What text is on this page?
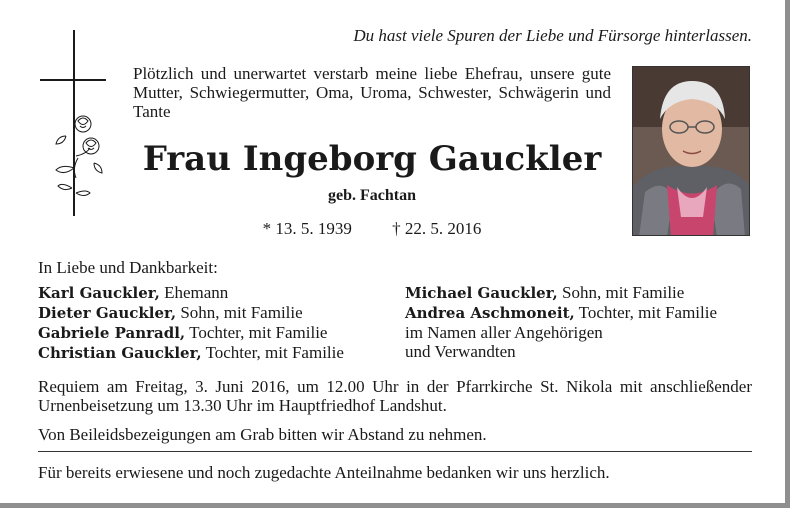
Du hast viele Spuren der Liebe und Fürsorge hinterlassen.
Plötzlich und unerwartet verstarb meine liebe Ehefrau, unsere gute Mutter, Schwiegermutter, Oma, Uroma, Schwester, Schwägerin und Tante
Frau Ingeborg Gauckler
geb. Fachtan
* 13. 5. 1939 † 22. 5. 2016
In Liebe und Dankbarkeit:
Karl Gauckler, Ehemann
Dieter Gauckler, Sohn, mit Familie
Gabriele Panradl, Tochter, mit Familie
Christian Gauckler, Tochter, mit Familie
Michael Gauckler, Sohn, mit Familie
Andrea Aschmoneit, Tochter, mit Familie
im Namen aller Angehörigen
und Verwandten
Requiem am Freitag, 3. Juni 2016, um 12.00 Uhr in der Pfarrkirche St. Nikola mit anschließender Urnenbeisetzung um 13.30 Uhr im Hauptfriedhof Landshut.
Von Beileidsbezeigungen am Grab bitten wir Abstand zu nehmen.
Für bereits erwiesene und noch zugedachte Anteilnahme bedanken wir uns herzlich.
